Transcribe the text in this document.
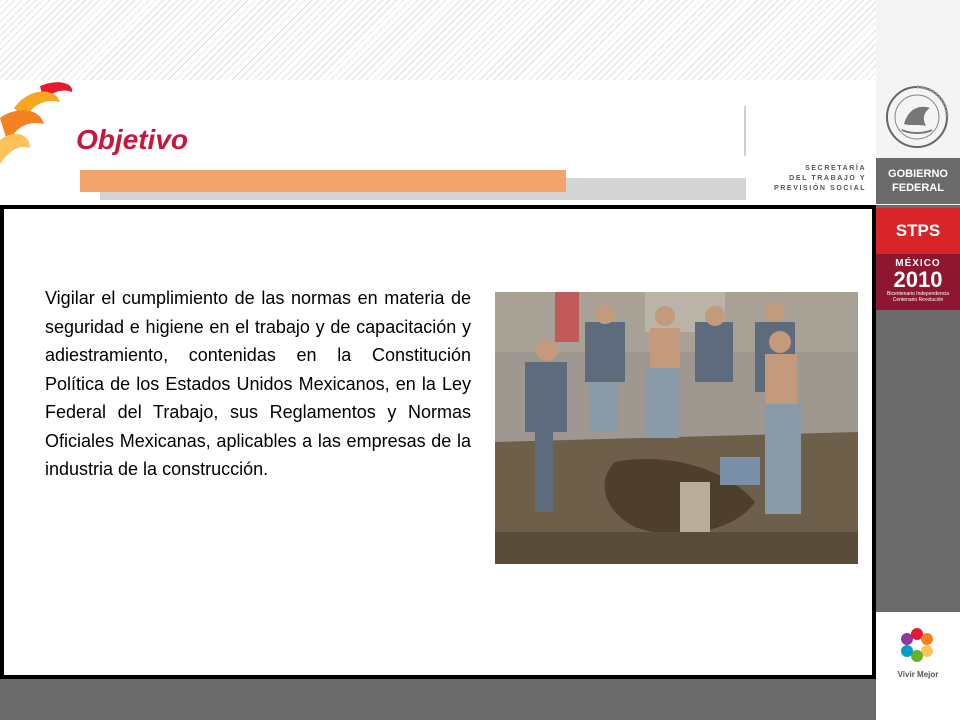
Objetivo
SECRETARÍA
DEL TRABAJO Y
PREVISIÓN SOCIAL
GOBIERNO
FEDERAL
STPS
MÉXICO
2010
Bicentenario Independencia
Centenario Revolución
Vivir Mejor

Vigilar el cumplimiento de las normas en materia de seguridad e higiene en el trabajo y de capacitación y adiestramiento, contenidas en la Constitución Política de los Estados Unidos Mexicanos, en la Ley Federal del Trabajo, sus Reglamentos y Normas Oficiales Mexicanas, aplicables a las empresas de la industria de la construcción.
